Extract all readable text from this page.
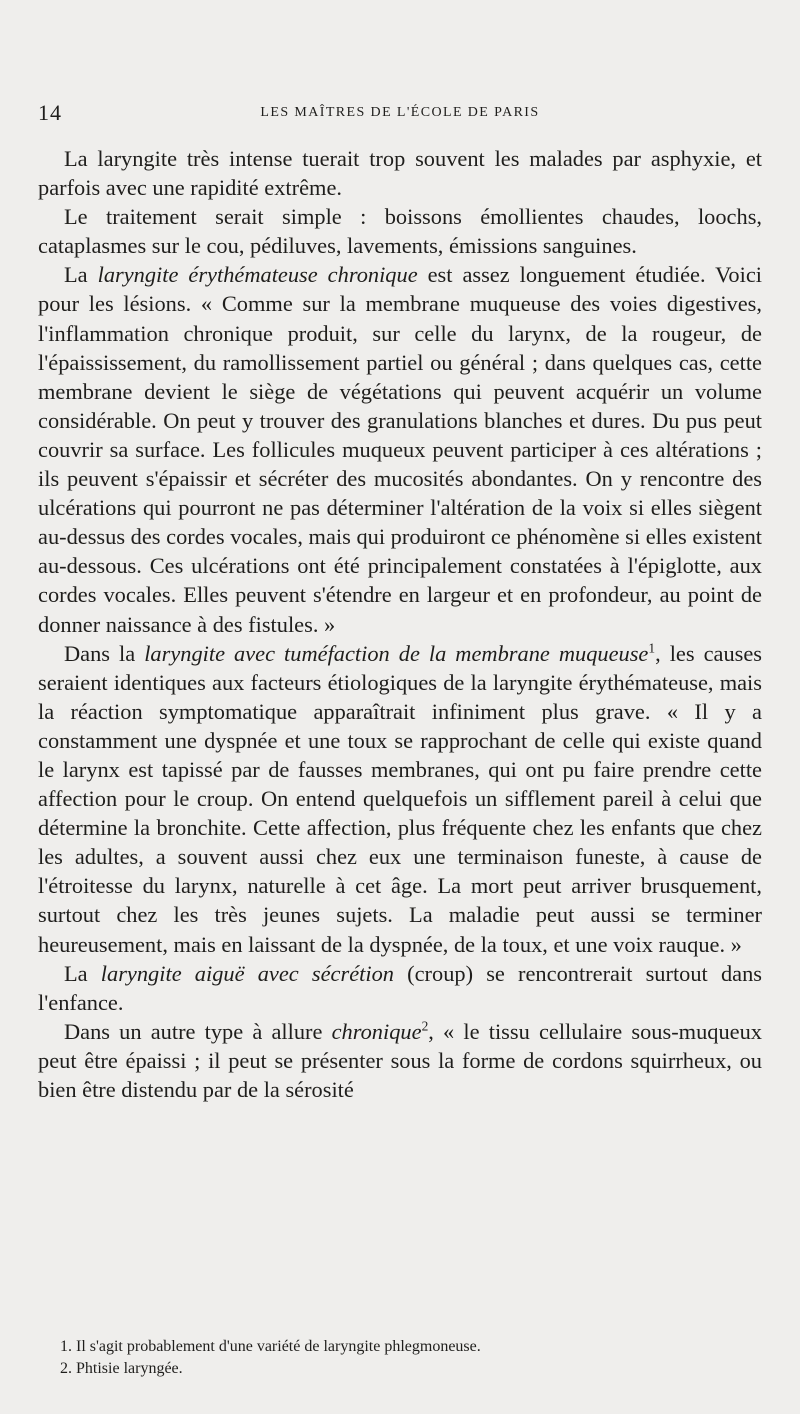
14	LES MAÎTRES DE L'ÉCOLE DE PARIS

La laryngite très intense tuerait trop souvent les malades par asphyxie, et parfois avec une rapidité extrême.

Le traitement serait simple : boissons émollientes chaudes, loochs, cataplasmes sur le cou, pédiluves, lavements, émissions sanguines.

La laryngite érythémateuse chronique est assez longuement étudiée. Voici pour les lésions. « Comme sur la membrane muqueuse des voies digestives, l'inflammation chronique produit, sur celle du larynx, de la rougeur, de l'épaississement, du ramollissement partiel ou général ; dans quelques cas, cette membrane devient le siège de végétations qui peuvent acquérir un volume considérable. On peut y trouver des granulations blanches et dures. Du pus peut couvrir sa surface. Les follicules muqueux peuvent participer à ces altérations ; ils peuvent s'épaissir et sécréter des mucosités abondantes. On y rencontre des ulcérations qui pourront ne pas déterminer l'altération de la voix si elles siègent au-dessus des cordes vocales, mais qui produiront ce phénomène si elles existent au-dessous. Ces ulcérations ont été principalement constatées à l'épiglotte, aux cordes vocales. Elles peuvent s'étendre en largeur et en profondeur, au point de donner naissance à des fistules. »

Dans la laryngite avec tuméfaction de la membrane muqueuse$^1$, les causes seraient identiques aux facteurs étiologiques de la laryngite érythémateuse, mais la réaction symptomatique apparaîtrait infiniment plus grave. « Il y a constamment une dyspnée et une toux se rapprochant de celle qui existe quand le larynx est tapissé par de fausses membranes, qui ont pu faire prendre cette affection pour le croup. On entend quelquefois un sifflement pareil à celui que détermine la bronchite. Cette affection, plus fréquente chez les enfants que chez les adultes, a souvent aussi chez eux une terminaison funeste, à cause de l'étroitesse du larynx, naturelle à cet âge. La mort peut arriver brusquement, surtout chez les très jeunes sujets. La maladie peut aussi se terminer heureusement, mais en laissant de la dyspnée, de la toux, et une voix rauque. »

La laryngite aiguë avec sécrétion (croup) se rencontrerait surtout dans l'enfance.

Dans un autre type à allure chronique$^2$, « le tissu cellulaire sous-muqueux peut être épaissi ; il peut se présenter sous la forme de cordons squirrheux, ou bien être distendu par de la sérosité

1. Il s'agit probablement d'une variété de laryngite phlegmoneuse.

2. Phtisie laryngée.
